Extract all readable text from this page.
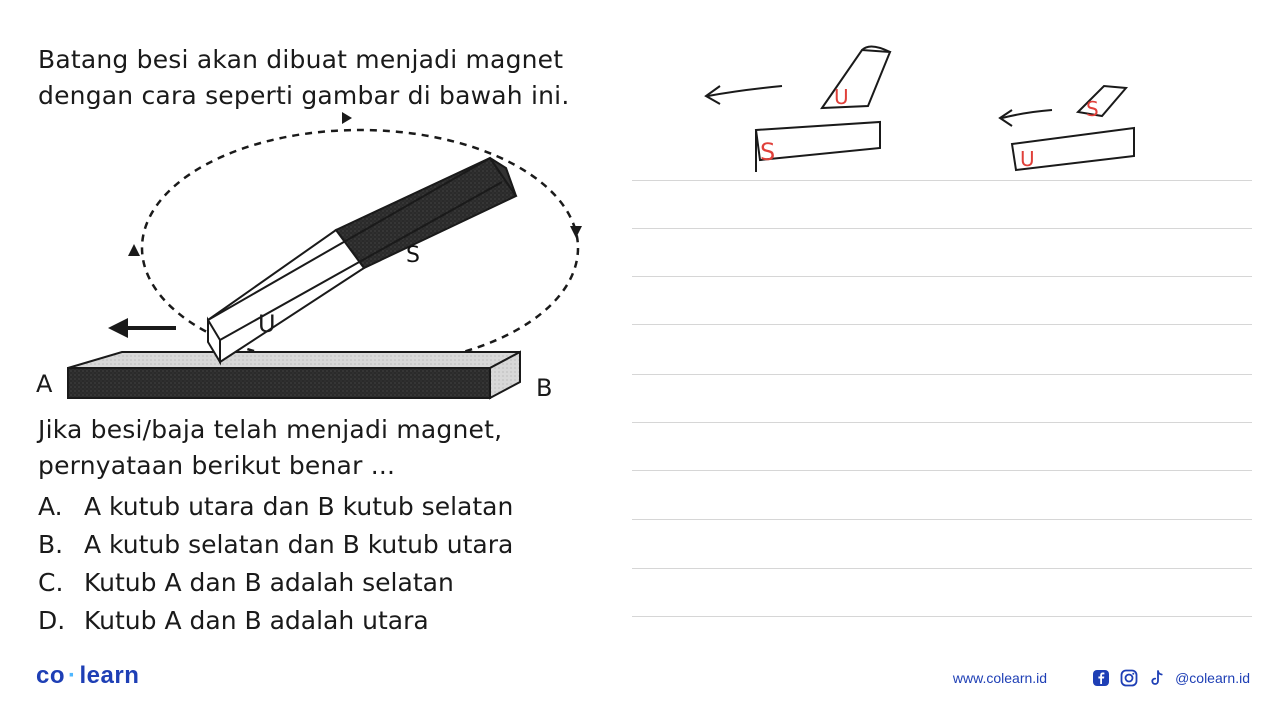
Batang besi akan dibuat menjadi magnet dengan cara seperti gambar di bawah ini.
U
S
A	B
Jika besi/baja telah menjadi magnet, pernyataan berikut benar ...
A. A kutub utara dan B kutub selatan
B. A kutub selatan dan B kutub utara
C. Kutub A dan B adalah selatan
D. Kutub A dan B adalah utara
U
S
S
U
co · learn	www.colearn.id	@colearn.id
